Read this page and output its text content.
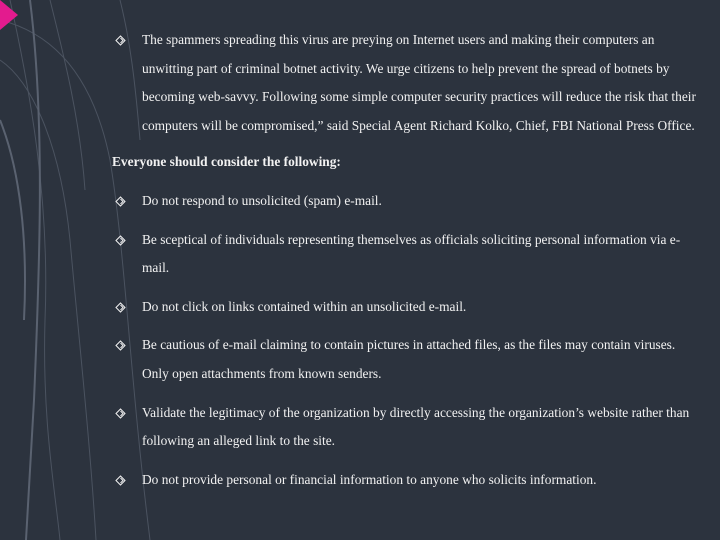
The spammers spreading this virus are preying on Internet users and making their computers an unwitting part of criminal botnet activity. We urge citizens to help prevent the spread of botnets by becoming web-savvy. Following some simple computer security practices will reduce the risk that their computers will be compromised,” said Special Agent Richard Kolko, Chief, FBI National Press Office.
Everyone should consider the following:
Do not respond to unsolicited (spam) e-mail.
Be sceptical of individuals representing themselves as officials soliciting personal information via e-mail.
Do not click on links contained within an unsolicited e-mail.
Be cautious of e-mail claiming to contain pictures in attached files, as the files may contain viruses. Only open attachments from known senders.
Validate the legitimacy of the organization by directly accessing the organization’s website rather than following an alleged link to the site.
Do not provide personal or financial information to anyone who solicits information.
